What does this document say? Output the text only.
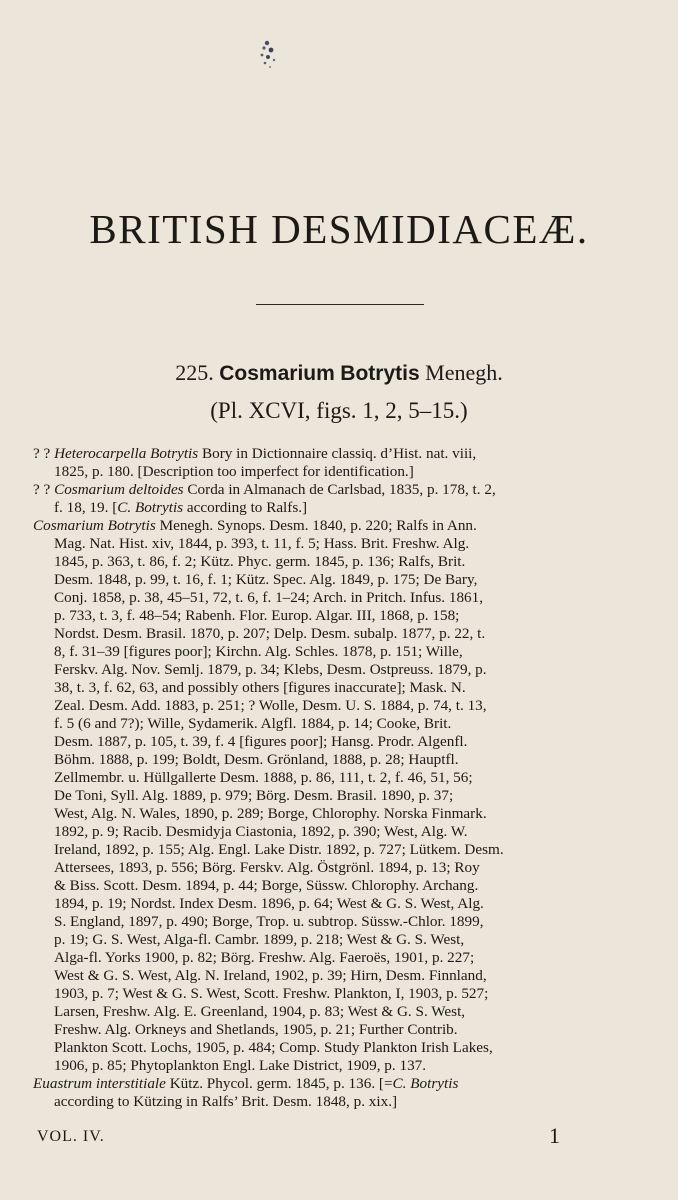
BRITISH DESMIDIACEÆ.
225. Cosmarium Botrytis Menegh.
(Pl. XCVI, figs. 1, 2, 5–15.)
? ? Heterocarpella Botrytis Bory in Dictionnaire classiq. d’Hist. nat. viii,
1825, p. 180. [Description too imperfect for identification.]
? ? Cosmarium deltoides Corda in Almanach de Carlsbad, 1835, p. 178, t. 2,
f. 18, 19. [C. Botrytis according to Ralfs.]
Cosmarium Botrytis Menegh. Synops. Desm. 1840, p. 220; Ralfs in Ann.
Mag. Nat. Hist. xiv, 1844, p. 393, t. 11, f. 5; Hass. Brit. Freshw. Alg.
1845, p. 363, t. 86, f. 2; Kütz. Phyc. germ. 1845, p. 136; Ralfs, Brit.
Desm. 1848, p. 99, t. 16, f. 1; Kütz. Spec. Alg. 1849, p. 175; De Bary,
Conj. 1858, p. 38, 45–51, 72, t. 6, f. 1–24; Arch. in Pritch. Infus. 1861,
p. 733, t. 3, f. 48–54; Rabenh. Flor. Europ. Algar. III, 1868, p. 158;
Nordst. Desm. Brasil. 1870, p. 207; Delp. Desm. subalp. 1877, p. 22, t.
8, f. 31–39 [figures poor]; Kirchn. Alg. Schles. 1878, p. 151; Wille,
Ferskv. Alg. Nov. Semlj. 1879, p. 34; Klebs, Desm. Ostpreuss. 1879, p.
38, t. 3, f. 62, 63, and possibly others [figures inaccurate]; Mask. N.
Zeal. Desm. Add. 1883, p. 251; ? Wolle, Desm. U. S. 1884, p. 74, t. 13,
f. 5 (6 and 7?); Wille, Sydamerik. Algfl. 1884, p. 14; Cooke, Brit.
Desm. 1887, p. 105, t. 39, f. 4 [figures poor]; Hansg. Prodr. Algenfl.
Böhm. 1888, p. 199; Boldt, Desm. Grönland, 1888, p. 28; Hauptfl.
Zellmembr. u. Hüllgallerte Desm. 1888, p. 86, 111, t. 2, f. 46, 51, 56;
De Toni, Syll. Alg. 1889, p. 979; Börg. Desm. Brasil. 1890, p. 37;
West, Alg. N. Wales, 1890, p. 289; Borge, Chlorophy. Norska Finmark.
1892, p. 9; Racib. Desmidyja Ciastonia, 1892, p. 390; West, Alg. W.
Ireland, 1892, p. 155; Alg. Engl. Lake Distr. 1892, p. 727; Lütkem. Desm.
Attersees, 1893, p. 556; Börg. Ferskv. Alg. Östgrönl. 1894, p. 13; Roy
& Biss. Scott. Desm. 1894, p. 44; Borge, Süssw. Chlorophy. Archang.
1894, p. 19; Nordst. Index Desm. 1896, p. 64; West & G. S. West, Alg.
S. England, 1897, p. 490; Borge, Trop. u. subtrop. Süssw.-Chlor. 1899,
p. 19; G. S. West, Alga-fl. Cambr. 1899, p. 218; West & G. S. West,
Alga-fl. Yorks 1900, p. 82; Börg. Freshw. Alg. Faeroës, 1901, p. 227;
West & G. S. West, Alg. N. Ireland, 1902, p. 39; Hirn, Desm. Finnland,
1903, p. 7; West & G. S. West, Scott. Freshw. Plankton, I, 1903, p. 527;
Larsen, Freshw. Alg. E. Greenland, 1904, p. 83; West & G. S. West,
Freshw. Alg. Orkneys and Shetlands, 1905, p. 21; Further Contrib.
Plankton Scott. Lochs, 1905, p. 484; Comp. Study Plankton Irish Lakes,
1906, p. 85; Phytoplankton Engl. Lake District, 1909, p. 137.
Euastrum interstitiale Kütz. Phycol. germ. 1845, p. 136. [=C. Botrytis
according to Kützing in Ralfs’ Brit. Desm. 1848, p. xix.]
VOL. IV.	1
